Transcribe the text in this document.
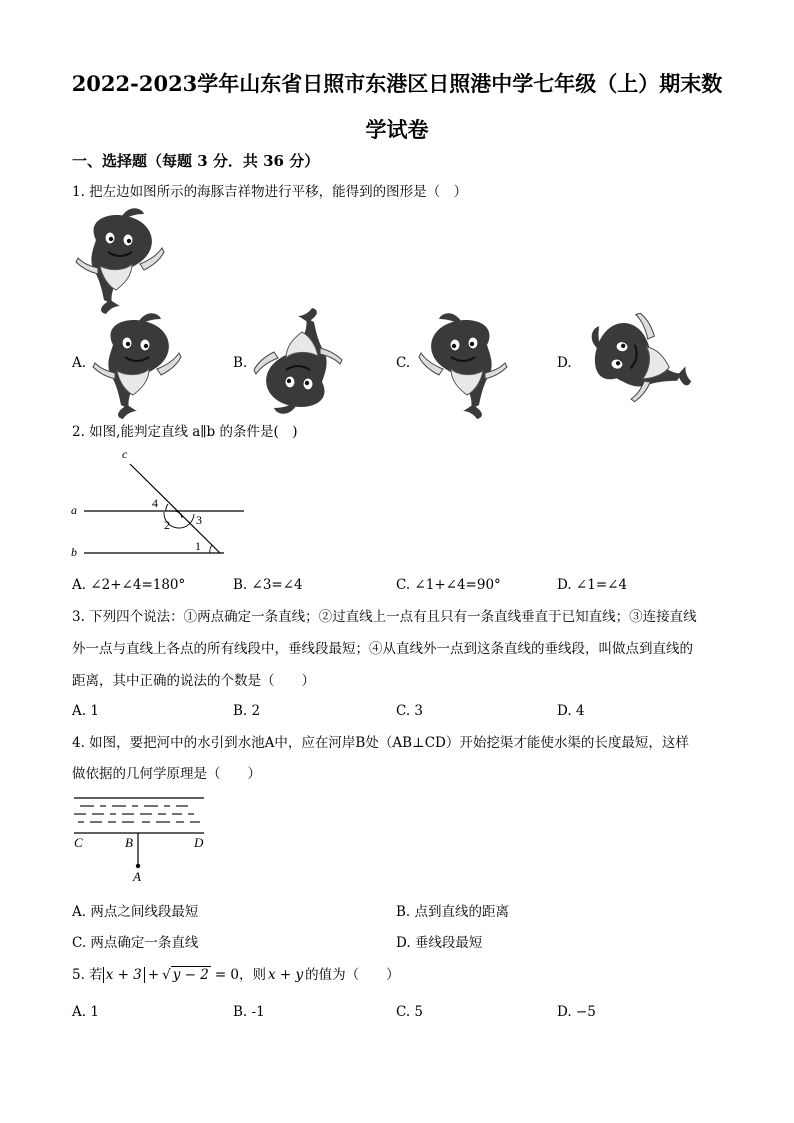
2022-2023学年山东省日照市东港区日照港中学七年级（上）期末数
学试卷
一、选择题（每题 3 分．共 36 分）
1. 把左边如图所示的海豚吉祥物进行平移，能得到的图形是（　）
A.	B.	C.	D.
2. 如图,能判定直线 a∥b 的条件是(　)
c
a
b
4
2 3
1
A. ∠2+∠4=180°	B. ∠3=∠4	C. ∠1+∠4=90°	D. ∠1=∠4
3. 下列四个说法：①两点确定一条直线；②过直线上一点有且只有一条直线垂直于已知直线；③连接直线
外一点与直线上各点的所有线段中，垂线段最短；④从直线外一点到这条直线的垂线段，叫做点到直线的
距离，其中正确的说法的个数是（　　）
A. 1	B. 2	C. 3	D. 4
4. 如图，要把河中的水引到水池A中，应在河岸B处（AB⊥CD）开始挖渠才能使水渠的长度最短，这样
做依据的几何学原理是（　　）
C	B	D
A
A. 两点之间线段最短	B. 点到直线的距离
C. 两点确定一条直线	D. 垂线段最短
5. 若 x + 3 + √ y − 2 = 0，则 x + y 的值为（　　）
A. 1	B. -1	C. 5	D. −5
